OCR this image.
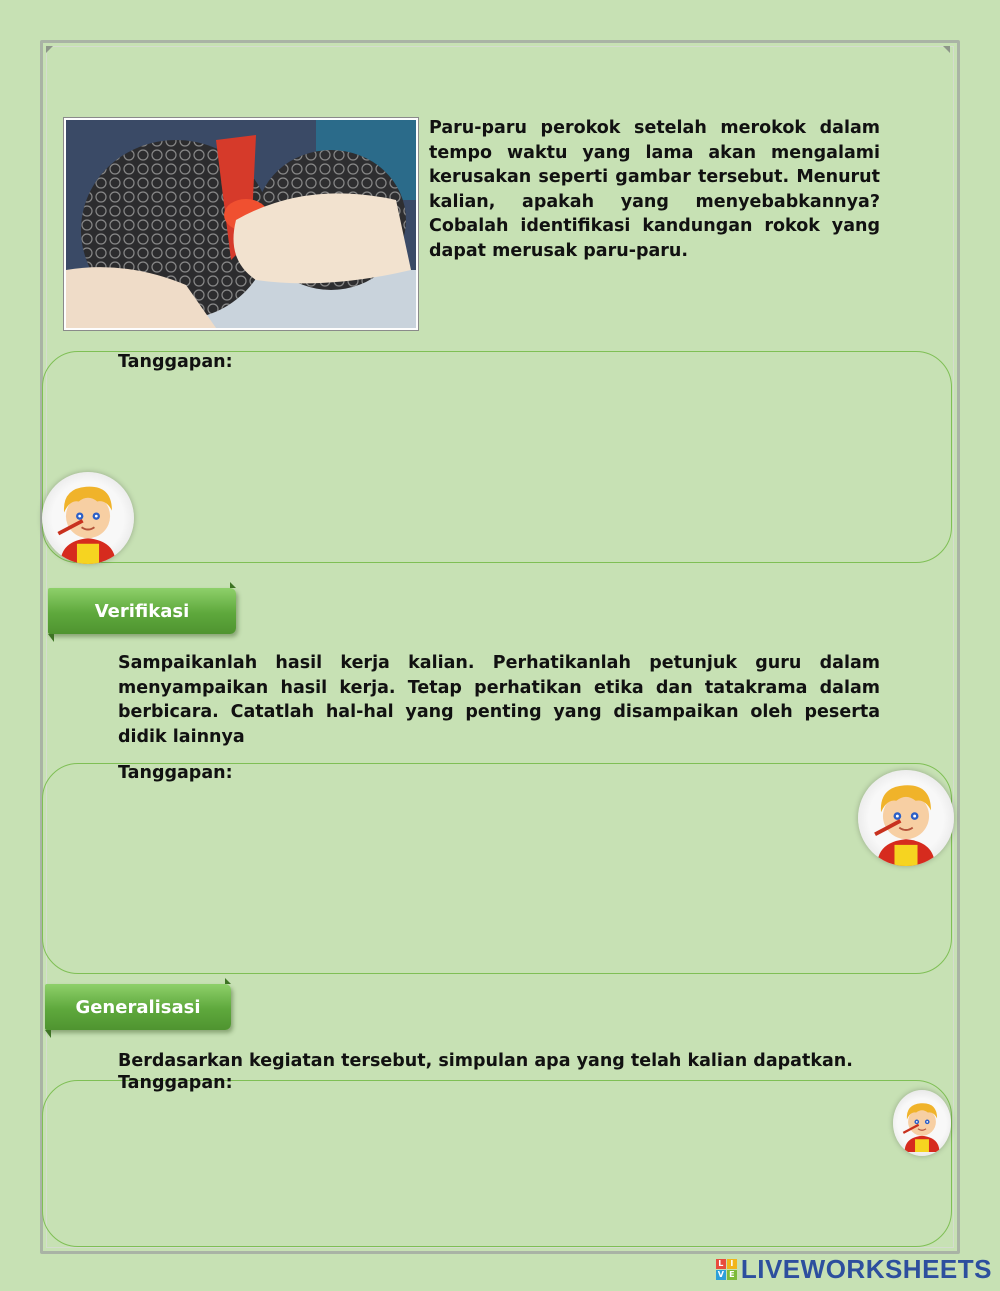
Paru-paru perokok setelah merokok dalam tempo waktu yang lama akan mengalami kerusakan seperti gambar tersebut. Menurut kalian, apakah yang menyebabkannya? Cobalah identifikasi kandungan rokok yang dapat merusak paru-paru.

Tanggapan:

Verifikasi

Sampaikanlah hasil kerja kalian. Perhatikanlah petunjuk guru dalam menyampaikan hasil kerja. Tetap perhatikan etika dan tatakrama dalam berbicara. Catatlah hal-hal yang penting yang disampaikan oleh peserta didik lainnya

Tanggapan:

Generalisasi

Berdasarkan kegiatan tersebut, simpulan apa yang telah kalian dapatkan.

Tanggapan:

L I
V E LIVEWORKSHEETS
